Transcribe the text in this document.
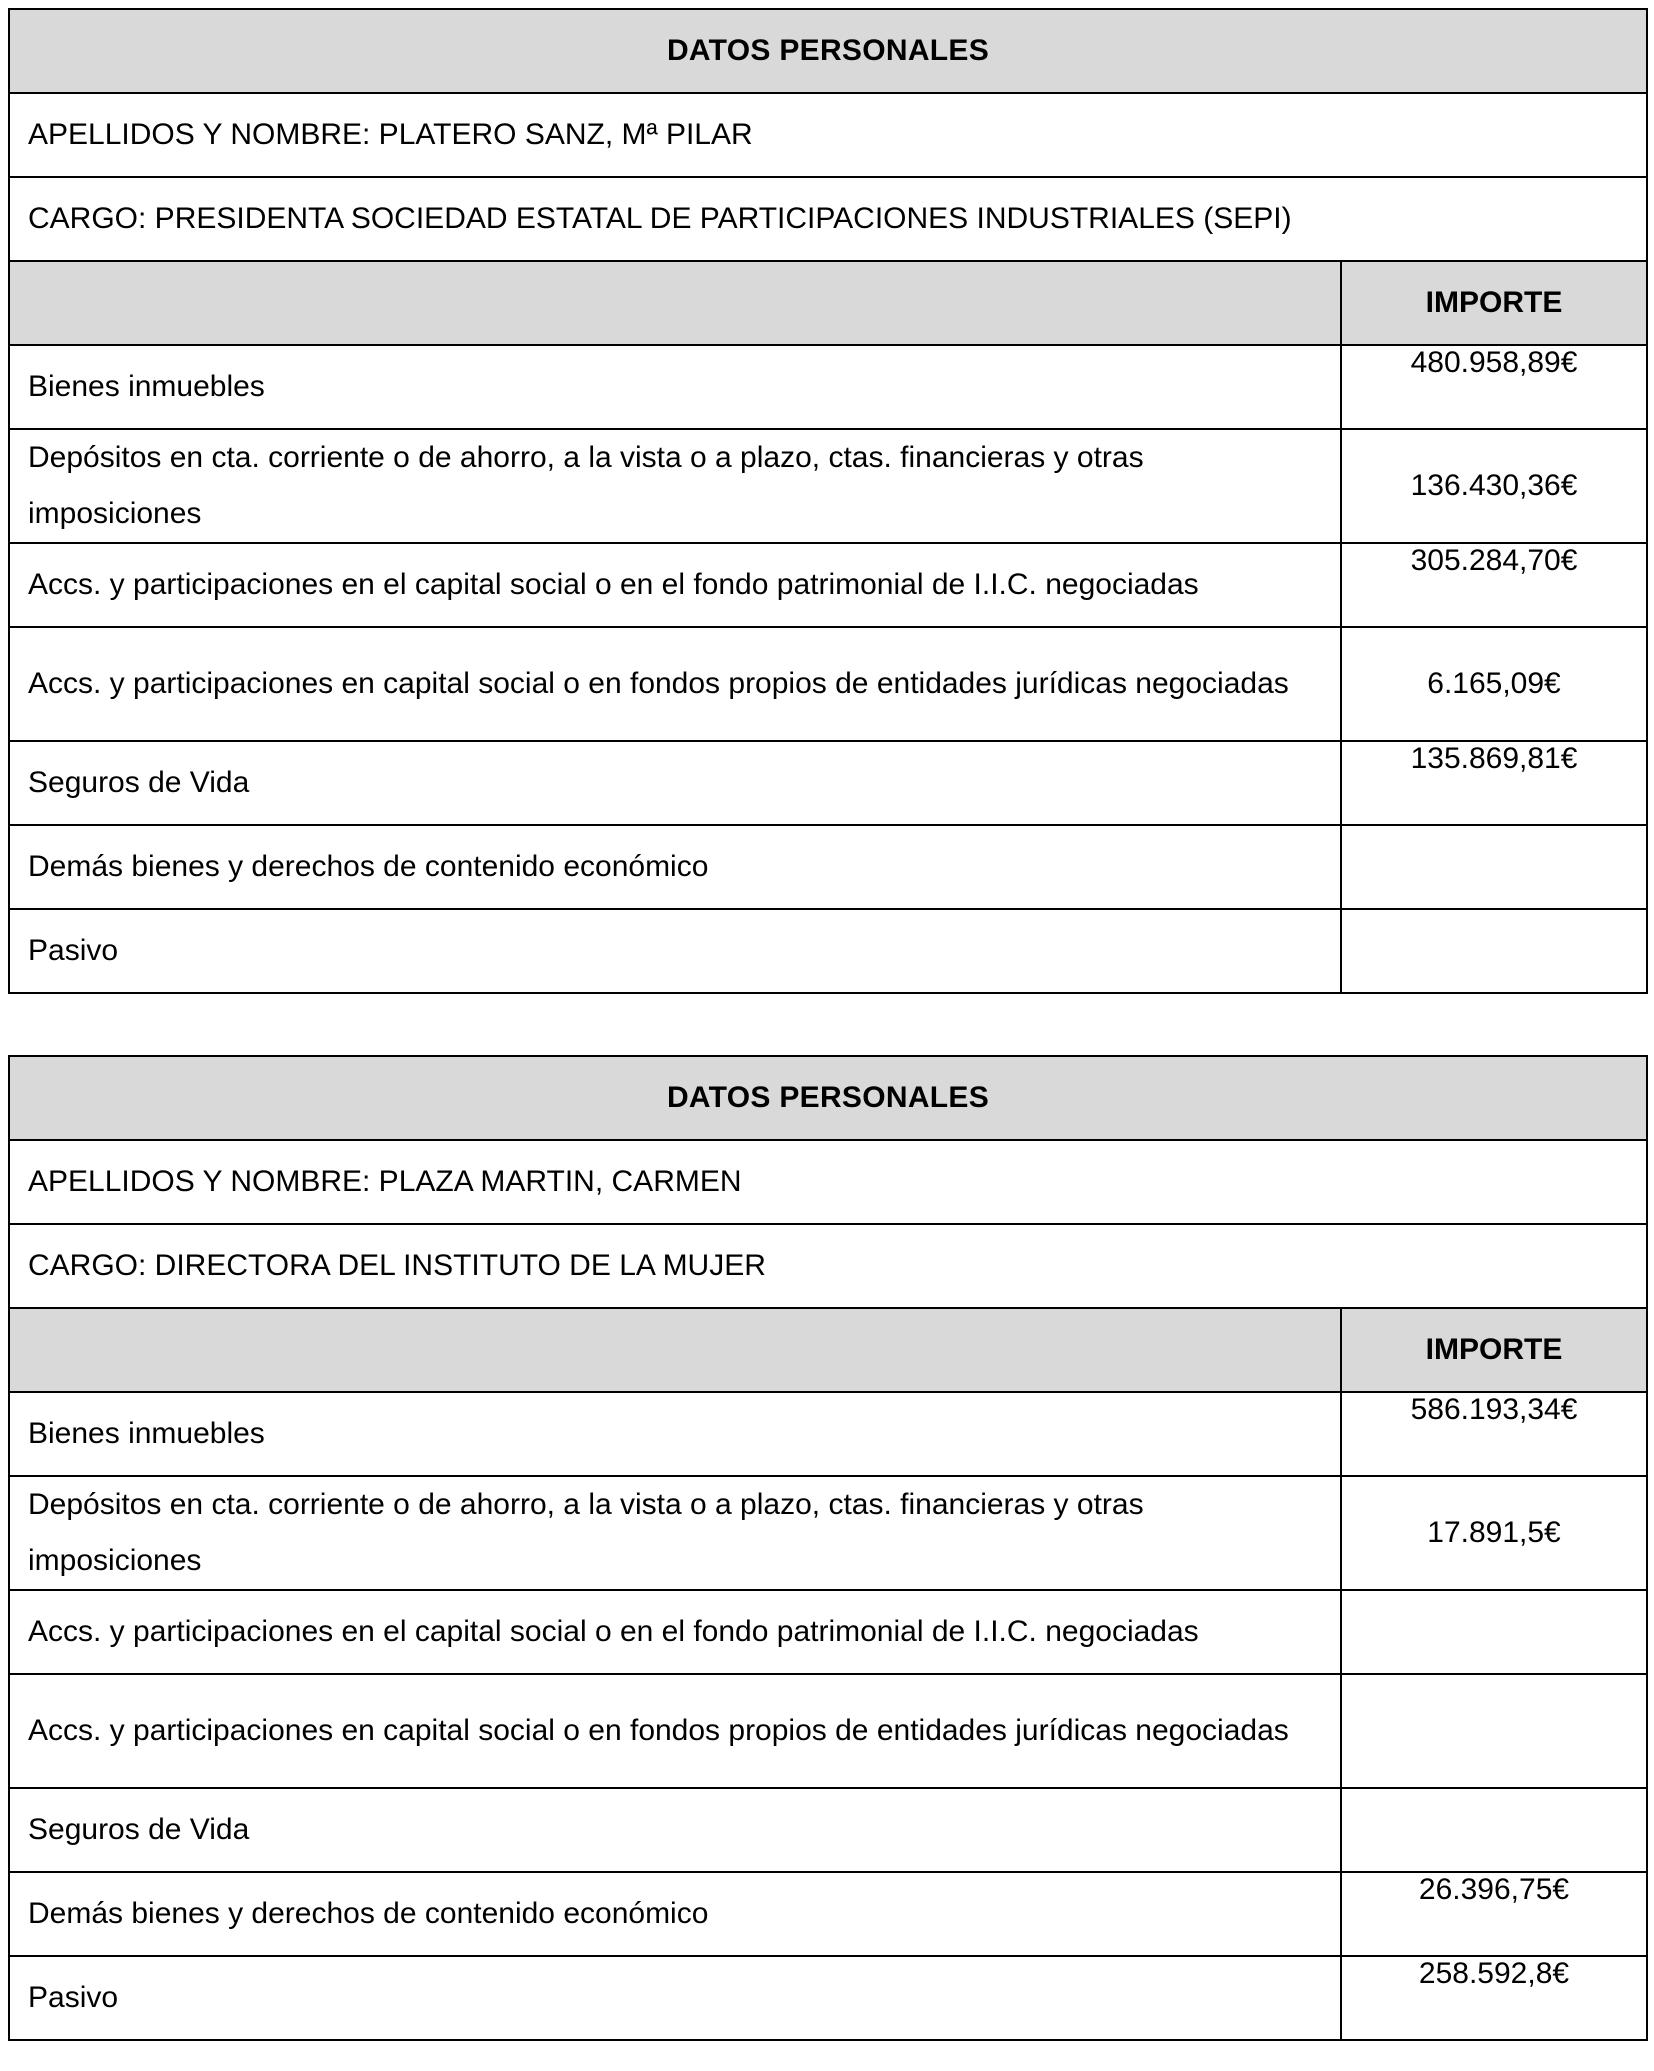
DATOS PERSONALES	
APELLIDOS Y NOMBRE: PLATERO SANZ, Mª PILAR	
CARGO: PRESIDENTA SOCIEDAD ESTATAL DE PARTICIPACIONES INDUSTRIALES (SEPI)	
	IMPORTE
Bienes inmuebles	480.958,89€
Depósitos en cta. corriente o de ahorro, a la vista o a plazo, ctas. financieras y otras imposiciones	136.430,36€
Accs. y participaciones en el capital social o en el fondo patrimonial de I.I.C. negociadas	305.284,70€
Accs. y participaciones en capital social o en fondos propios de entidades jurídicas negociadas	6.165,09€
Seguros de Vida	135.869,81€
Demás bienes y derechos de contenido económico	
Pasivo	
DATOS PERSONALES	
APELLIDOS Y NOMBRE: PLAZA MARTIN, CARMEN	
CARGO: DIRECTORA DEL INSTITUTO DE LA MUJER	
	IMPORTE
Bienes inmuebles	586.193,34€
Depósitos en cta. corriente o de ahorro, a la vista o a plazo, ctas. financieras y otras imposiciones	17.891,5€
Accs. y participaciones en el capital social o en el fondo patrimonial de I.I.C. negociadas	
Accs. y participaciones en capital social o en fondos propios de entidades jurídicas negociadas	
Seguros de Vida	
Demás bienes y derechos de contenido económico	26.396,75€
Pasivo	258.592,8€
